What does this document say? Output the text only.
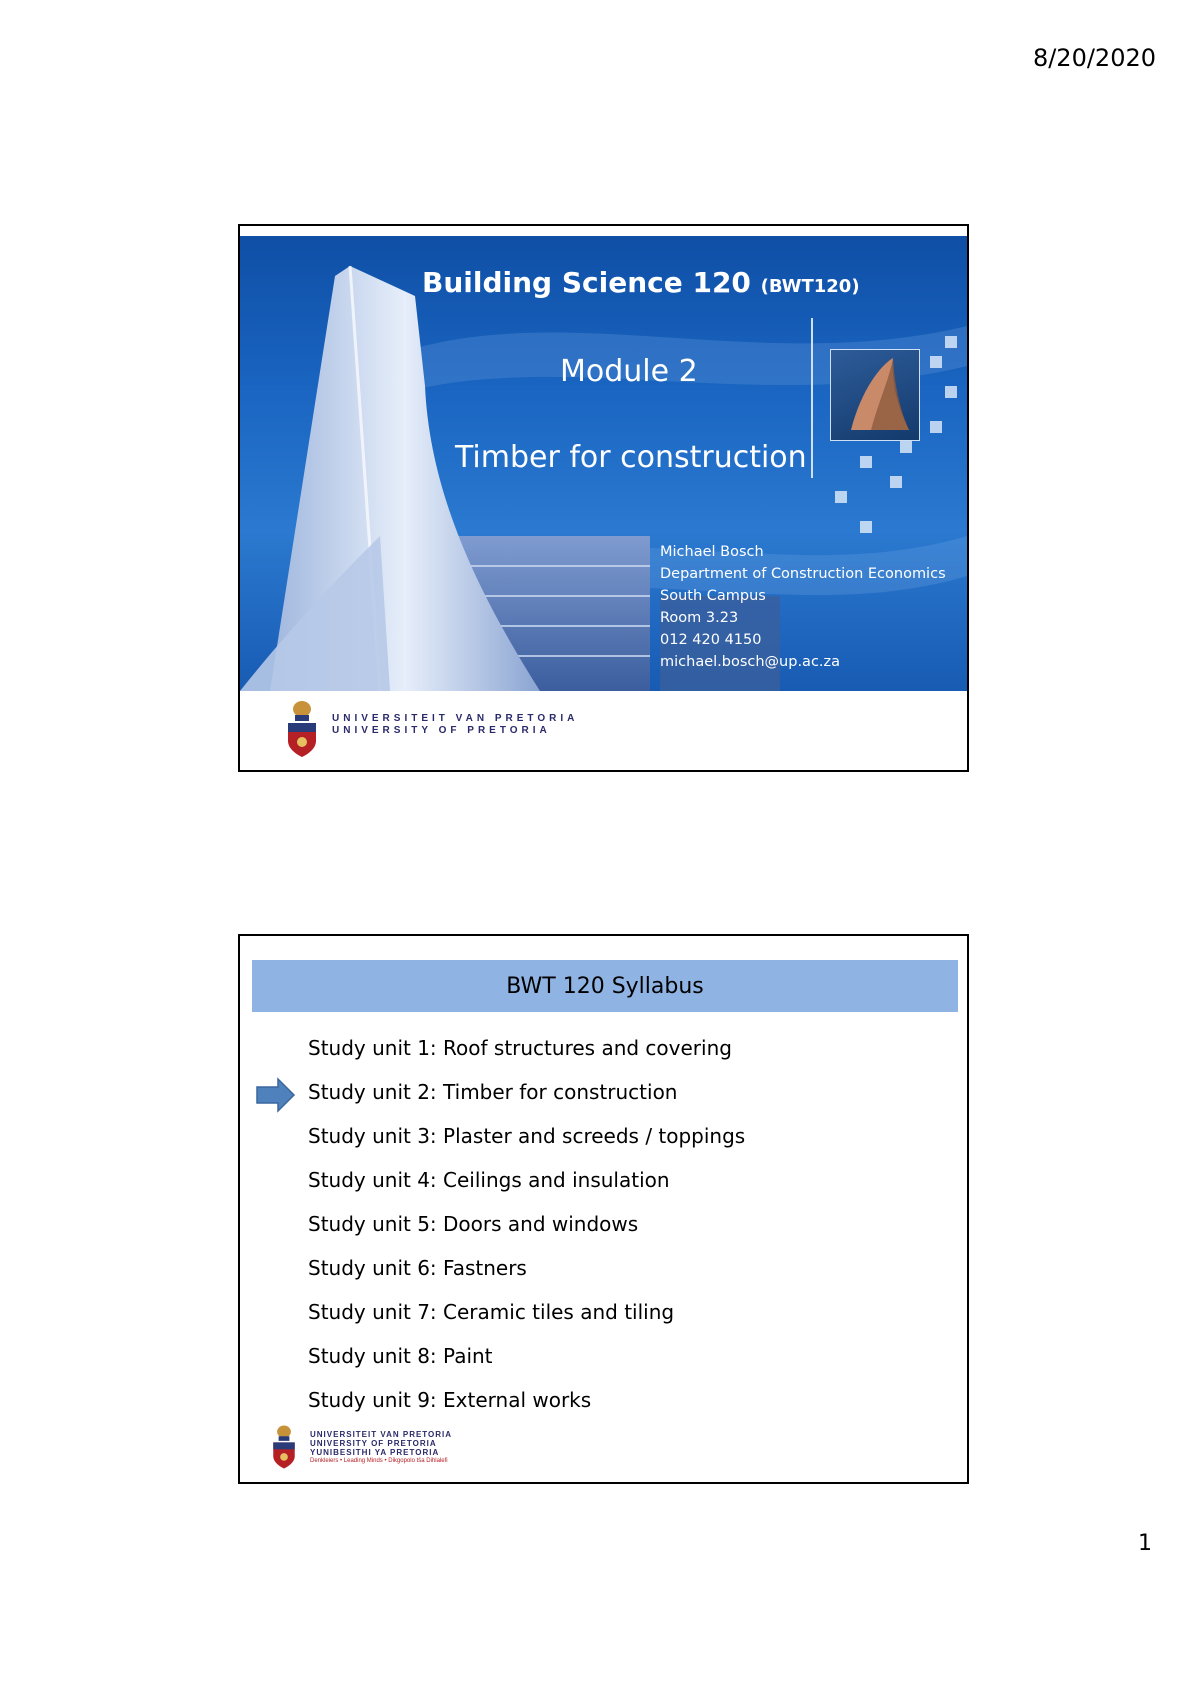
8/20/2020
Building Science 120 (BWT120)
Module 2
Timber for construction
Michael Bosch
Department of Construction Economics
South Campus
Room 3.23
012 420 4150
michael.bosch@up.ac.za
UNIVERSITEIT VAN PRETORIA
UNIVERSITY OF PRETORIA
BWT 120 Syllabus
Study unit 1: Roof structures and covering
Study unit 2: Timber for construction
Study unit 3: Plaster and screeds / toppings
Study unit 4: Ceilings and insulation
Study unit 5: Doors and windows
Study unit 6: Fastners
Study unit 7: Ceramic tiles and tiling
Study unit 8: Paint
Study unit 9: External works
UNIVERSITEIT VAN PRETORIA
UNIVERSITY OF PRETORIA
YUNIBESITHI YA PRETORIA
Denkleiers • Leading Minds • Dikgopolo tša Dihlalefi
1
